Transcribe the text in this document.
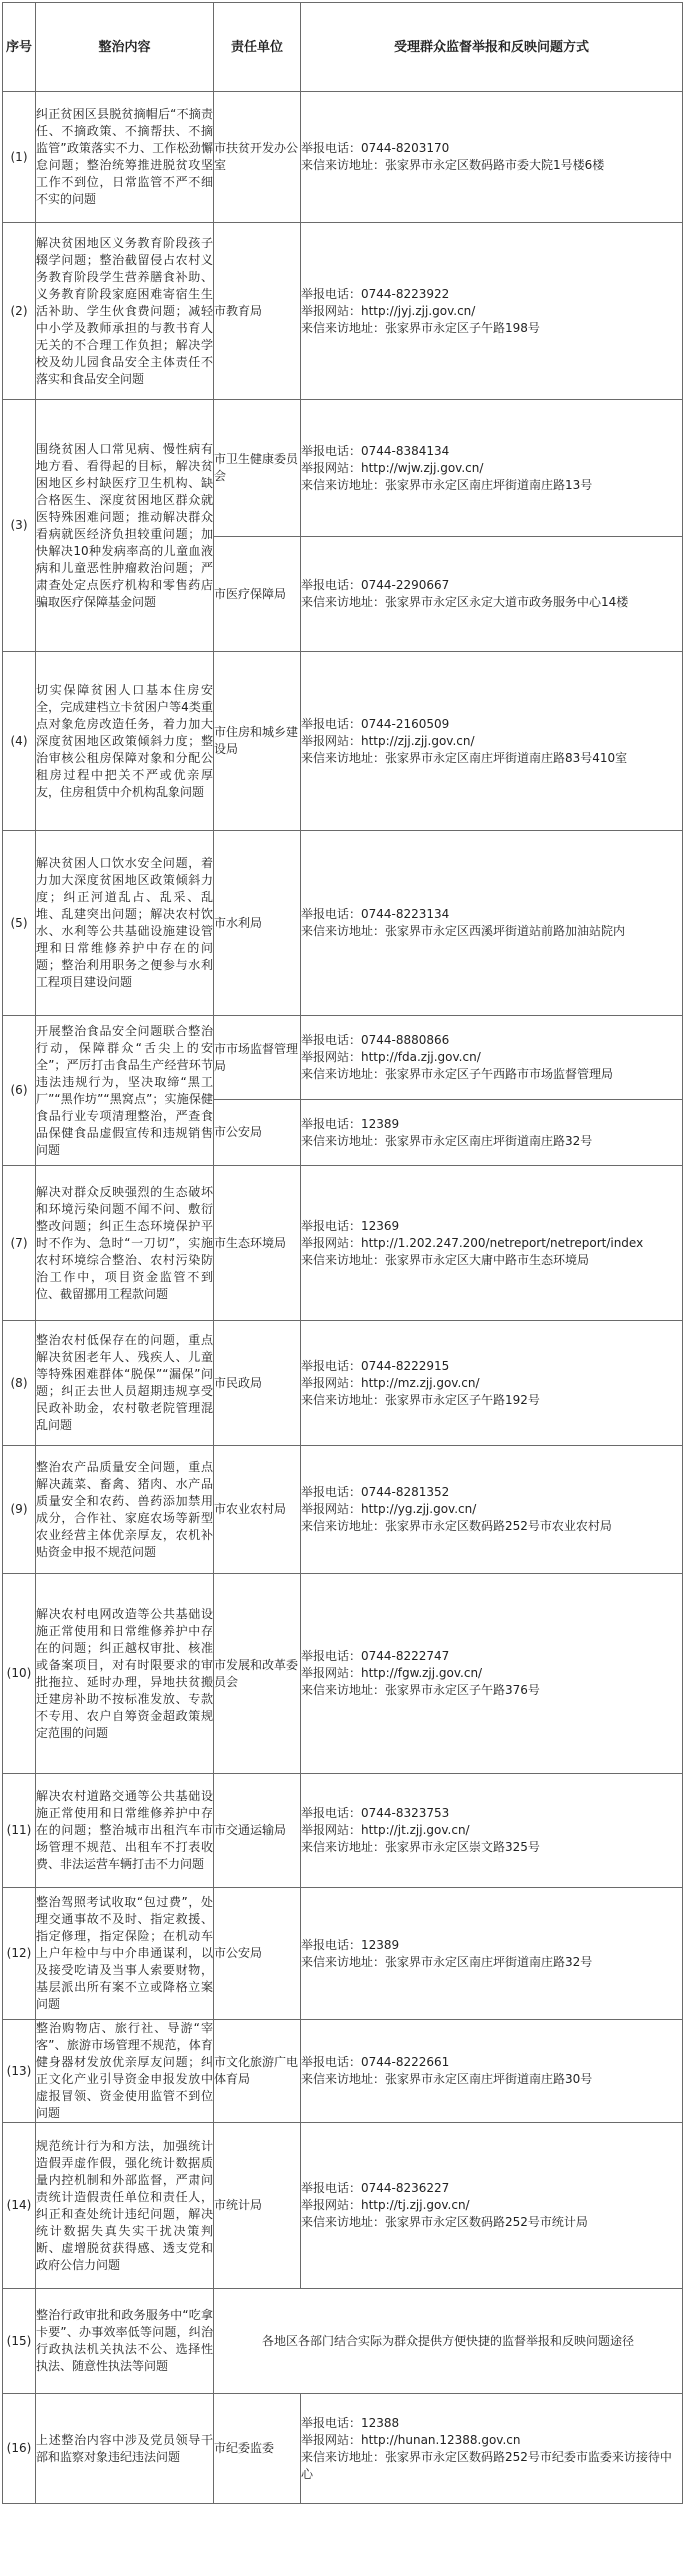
序号	整治内容	责任单位	受理群众监督举报和反映问题方式
(1)	纠正贫困区县脱贫摘帽后“不摘责任、不摘政策、不摘帮扶、不摘监管”政策落实不力、工作松劲懈怠问题；整治统筹推进脱贫攻坚工作不到位，日常监管不严不细不实的问题	市扶贫开发办公室	举报电话：0744-8203170
来信来访地址：张家界市永定区数码路市委大院1号楼6楼

(2)	解决贫困地区义务教育阶段孩子辍学问题；整治截留侵占农村义务教育阶段学生营养膳食补助、义务教育阶段家庭困难寄宿生生活补助、学生伙食费问题；减轻中小学及教师承担的与教书育人无关的不合理工作负担；解决学校及幼儿园食品安全主体责任不落实和食品安全问题	市教育局	举报电话：0744-8223922
举报网站：http://jyj.zjj.gov.cn/
来信来访地址：张家界市永定区子午路198号

(3)	围绕贫困人口常见病、慢性病有地方看、看得起的目标，解决贫困地区乡村缺医疗卫生机构、缺合格医生、深度贫困地区群众就医特殊困难问题；推动解决群众看病就医经济负担较重问题；加快解决10种发病率高的儿童血液病和儿童恶性肿瘤救治问题；严肃查处定点医疗机构和零售药店骗取医疗保障基金问题	市卫生健康委员会	举报电话：0744-8384134
举报网站：http://wjw.zjj.gov.cn/
来信来访地址：张家界市永定区南庄坪街道南庄路13号

		市医疗保障局	举报电话：0744-2290667
来信来访地址：张家界市永定区永定大道市政务服务中心14楼

(4)	切实保障贫困人口基本住房安全，完成建档立卡贫困户等4类重点对象危房改造任务，着力加大深度贫困地区政策倾斜力度；整治审核公租房保障对象和分配公租房过程中把关不严或优亲厚友，住房租赁中介机构乱象问题	市住房和城乡建设局	举报电话：0744-2160509
举报网站：http://zjj.zjj.gov.cn/
来信来访地址：张家界市永定区南庄坪街道南庄路83号410室

(5)	解决贫困人口饮水安全问题，着力加大深度贫困地区政策倾斜力度；纠正河道乱占、乱采、乱堆、乱建突出问题；解决农村饮水、水利等公共基础设施建设管理和日常维修养护中存在的问题；整治利用职务之便参与水利工程项目建设问题	市水利局	举报电话：0744-8223134
来信来访地址：张家界市永定区西溪坪街道站前路加油站院内

(6)	开展整治食品安全问题联合整治行动，保障群众“舌尖上的安全”；严厉打击食品生产经营环节违法违规行为，坚决取缔“黑工厂”“黑作坊”“黑窝点”；实施保健食品行业专项清理整治，严查食品保健食品虚假宣传和违规销售问题	市市场监督管理局	举报电话：0744-8880866
举报网站：http://fda.zjj.gov.cn/
来信来访地址：张家界市永定区子午西路市市场监督管理局

		市公安局	举报电话：12389
来信来访地址：张家界市永定区南庄坪街道南庄路32号

(7)	解决对群众反映强烈的生态破坏和环境污染问题不闻不问、敷衍整改问题；纠正生态环境保护平时不作为、急时“一刀切”，实施农村环境综合整治、农村污染防治工作中，项目资金监管不到位、截留挪用工程款问题	市生态环境局	举报电话：12369
举报网站：http://1.202.247.200/netreport/netreport/index
来信来访地址：张家界市永定区大庸中路市生态环境局

(8)	整治农村低保存在的问题，重点解决贫困老年人、残疾人、儿童等特殊困难群体“脱保”“漏保”问题；纠正去世人员超期违规享受民政补助金，农村敬老院管理混乱问题	市民政局	举报电话：0744-8222915
举报网站：http://mz.zjj.gov.cn/
来信来访地址：张家界市永定区子午路192号

(9)	整治农产品质量安全问题，重点解决蔬菜、畜禽、猪肉、水产品质量安全和农药、兽药添加禁用成分，合作社、家庭农场等新型农业经营主体优亲厚友，农机补贴资金申报不规范问题	市农业农村局	举报电话：0744-8281352
举报网站：http://yg.zjj.gov.cn/
来信来访地址：张家界市永定区数码路252号市农业农村局

(10)	解决农村电网改造等公共基础设施正常使用和日常维修养护中存在的问题；纠正越权审批、核准或备案项目，对有时限要求的审批拖拉、延时办理，异地扶贫搬迁建房补助不按标准发放、专款不专用、农户自筹资金超政策规定范围的问题	市发展和改革委员会	举报电话：0744-8222747
举报网站：http://fgw.zjj.gov.cn/
来信来访地址：张家界市永定区子午路376号

(11)	解决农村道路交通等公共基础设施正常使用和日常维修养护中存在的问题；整治城市出租汽车市场管理不规范、出租车不打表收费、非法运营车辆打击不力问题	市交通运输局	举报电话：0744-8323753
举报网站：http://jt.zjj.gov.cn/
来信来访地址：张家界市永定区崇文路325号

(12)	整治驾照考试收取“包过费”，处理交通事故不及时、指定救援、指定修理，指定保险；在机动车上户年检中与中介串通谋利，以及接受吃请及当事人索要财物，基层派出所有案不立或降格立案问题	市公安局	举报电话：12389
来信来访地址：张家界市永定区南庄坪街道南庄路32号

(13)	整治购物店、旅行社、导游“宰客”、旅游市场管理不规范，体育健身器材发放优亲厚友问题；纠正文化产业引导资金申报发放中虚报冒领、资金使用监管不到位问题	市文化旅游广电体育局	举报电话：0744-8222661
来信来访地址：张家界市永定区南庄坪街道南庄路30号

(14)	规范统计行为和方法，加强统计造假弄虚作假，强化统计数据质量内控机制和外部监督，严肃问责统计造假责任单位和责任人，纠正和查处统计违纪问题，解决统计数据失真失实干扰决策判断、虚增脱贫获得感、透支党和政府公信力问题	市统计局	举报电话：0744-8236227
举报网站：http://tj.zjj.gov.cn/
来信来访地址：张家界市永定区数码路252号市统计局

(15)	整治行政审批和政务服务中“吃拿卡要”、办事效率低等问题，纠治行政执法机关执法不公、选择性执法、随意性执法等问题	各地区各部门结合实际为群众提供方便快捷的监督举报和反映问题途径	
(16)	上述整治内容中涉及党员领导干部和监察对象违纪违法问题	市纪委监委	举报电话：12388
举报网站：http://hunan.12388.gov.cn
来信来访地址：张家界市永定区数码路252号市纪委市监委来访接待中心
